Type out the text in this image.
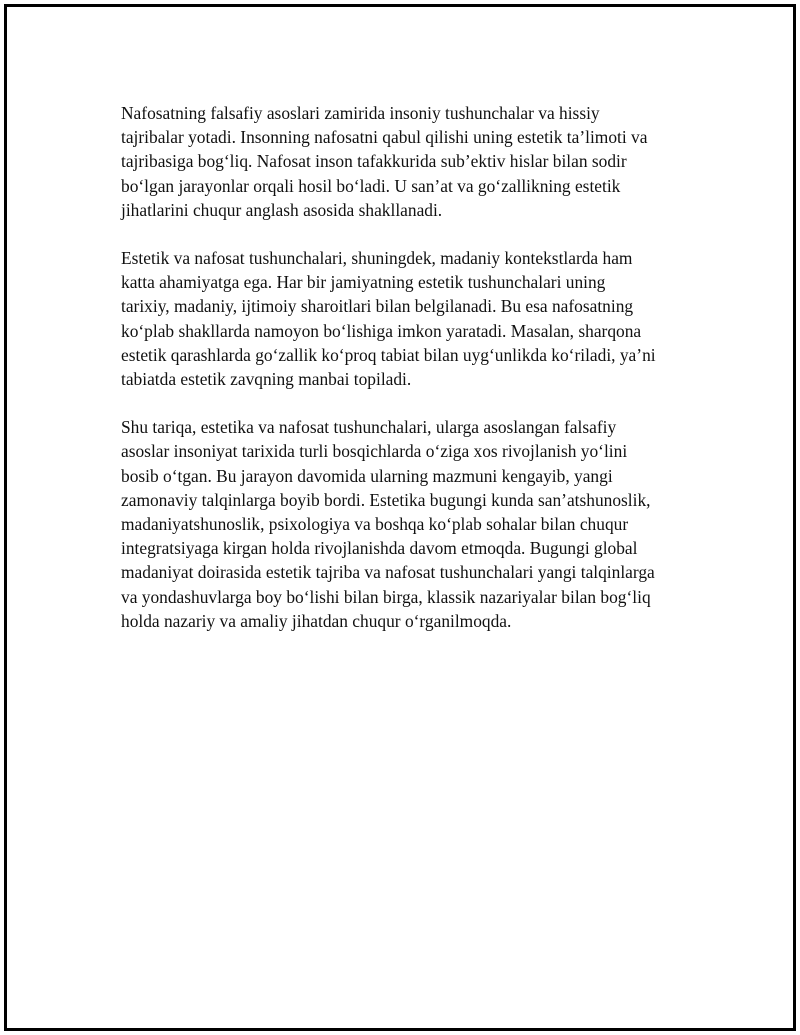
Nafosatning falsafiy asoslari zamirida insoniy tushunchalar va hissiy
tajribalar yotadi. Insonning nafosatni qabul qilishi uning estetik ta’limoti va
tajribasiga bog‘liq. Nafosat inson tafakkurida sub’ektiv hislar bilan sodir
bo‘lgan jarayonlar orqali hosil bo‘ladi. U san’at va go‘zallikning estetik
jihatlarini chuqur anglash asosida shakllanadi.

Estetik va nafosat tushunchalari, shuningdek, madaniy kontekstlarda ham
katta ahamiyatga ega. Har bir jamiyatning estetik tushunchalari uning
tarixiy, madaniy, ijtimoiy sharoitlari bilan belgilanadi. Bu esa nafosatning
ko‘plab shakllarda namoyon bo‘lishiga imkon yaratadi. Masalan, sharqona
estetik qarashlarda go‘zallik ko‘proq tabiat bilan uyg‘unlikda ko‘riladi, ya’ni
tabiatda estetik zavqning manbai topiladi.

Shu tariqa, estetika va nafosat tushunchalari, ularga asoslangan falsafiy
asoslar insoniyat tarixida turli bosqichlarda o‘ziga xos rivojlanish yo‘lini
bosib o‘tgan. Bu jarayon davomida ularning mazmuni kengayib, yangi
zamonaviy talqinlarga boyib bordi. Estetika bugungi kunda san’atshunoslik,
madaniyatshunoslik, psixologiya va boshqa ko‘plab sohalar bilan chuqur
integratsiyaga kirgan holda rivojlanishda davom etmoqda. Bugungi global
madaniyat doirasida estetik tajriba va nafosat tushunchalari yangi talqinlarga
va yondashuvlarga boy bo‘lishi bilan birga, klassik nazariyalar bilan bog‘liq
holda nazariy va amaliy jihatdan chuqur o‘rganilmoqda.
